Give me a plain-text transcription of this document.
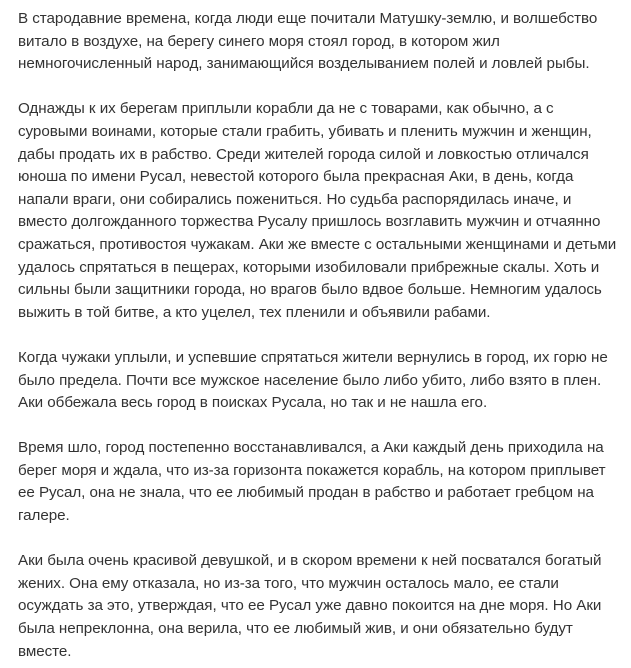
В стародавние времена, когда люди еще почитали Матушку-землю, и волшебство витало в воздухе, на берегу синего моря стоял город, в котором жил немногочисленный народ, занимающийся возделыванием полей и ловлей рыбы.

Однажды к их берегам приплыли корабли да не с товарами, как обычно, а с суровыми воинами, которые стали грабить, убивать и пленить мужчин и женщин, дабы продать их в рабство. Среди жителей города силой и ловкостью отличался юноша по имени Русал, невестой которого была прекрасная Аки, в день, когда напали враги, они собирались пожениться. Но судьба распорядилась иначе, и вместо долгожданного торжества Русалу пришлось возглавить мужчин и отчаянно сражаться, противостоя чужакам. Аки же вместе с остальными женщинами и детьми удалось спрятаться в пещерах, которыми изобиловали прибрежные скалы. Хоть и сильны были защитники города, но врагов было вдвое больше. Немногим удалось выжить в той битве, а кто уцелел, тех пленили и объявили рабами.

Когда чужаки уплыли, и успевшие спрятаться жители вернулись в город, их горю не было предела. Почти все мужское население было либо убито, либо взято в плен. Аки оббежала весь город в поисках Русала, но так и не нашла его.

Время шло, город постепенно восстанавливался, а Аки каждый день приходила на берег моря и ждала, что из-за горизонта покажется корабль, на котором приплывет ее Русал, она не знала, что ее любимый продан в рабство и работает гребцом на галере.

Аки была очень красивой девушкой, и в скором времени к ней посватался богатый жених. Она ему отказала, но из-за того, что мужчин осталось мало, ее стали осуждать за это, утверждая, что ее Русал уже давно покоится на дне моря. Но Аки была непреклонна, она верила, что ее любимый жив, и они обязательно будут вместе.
